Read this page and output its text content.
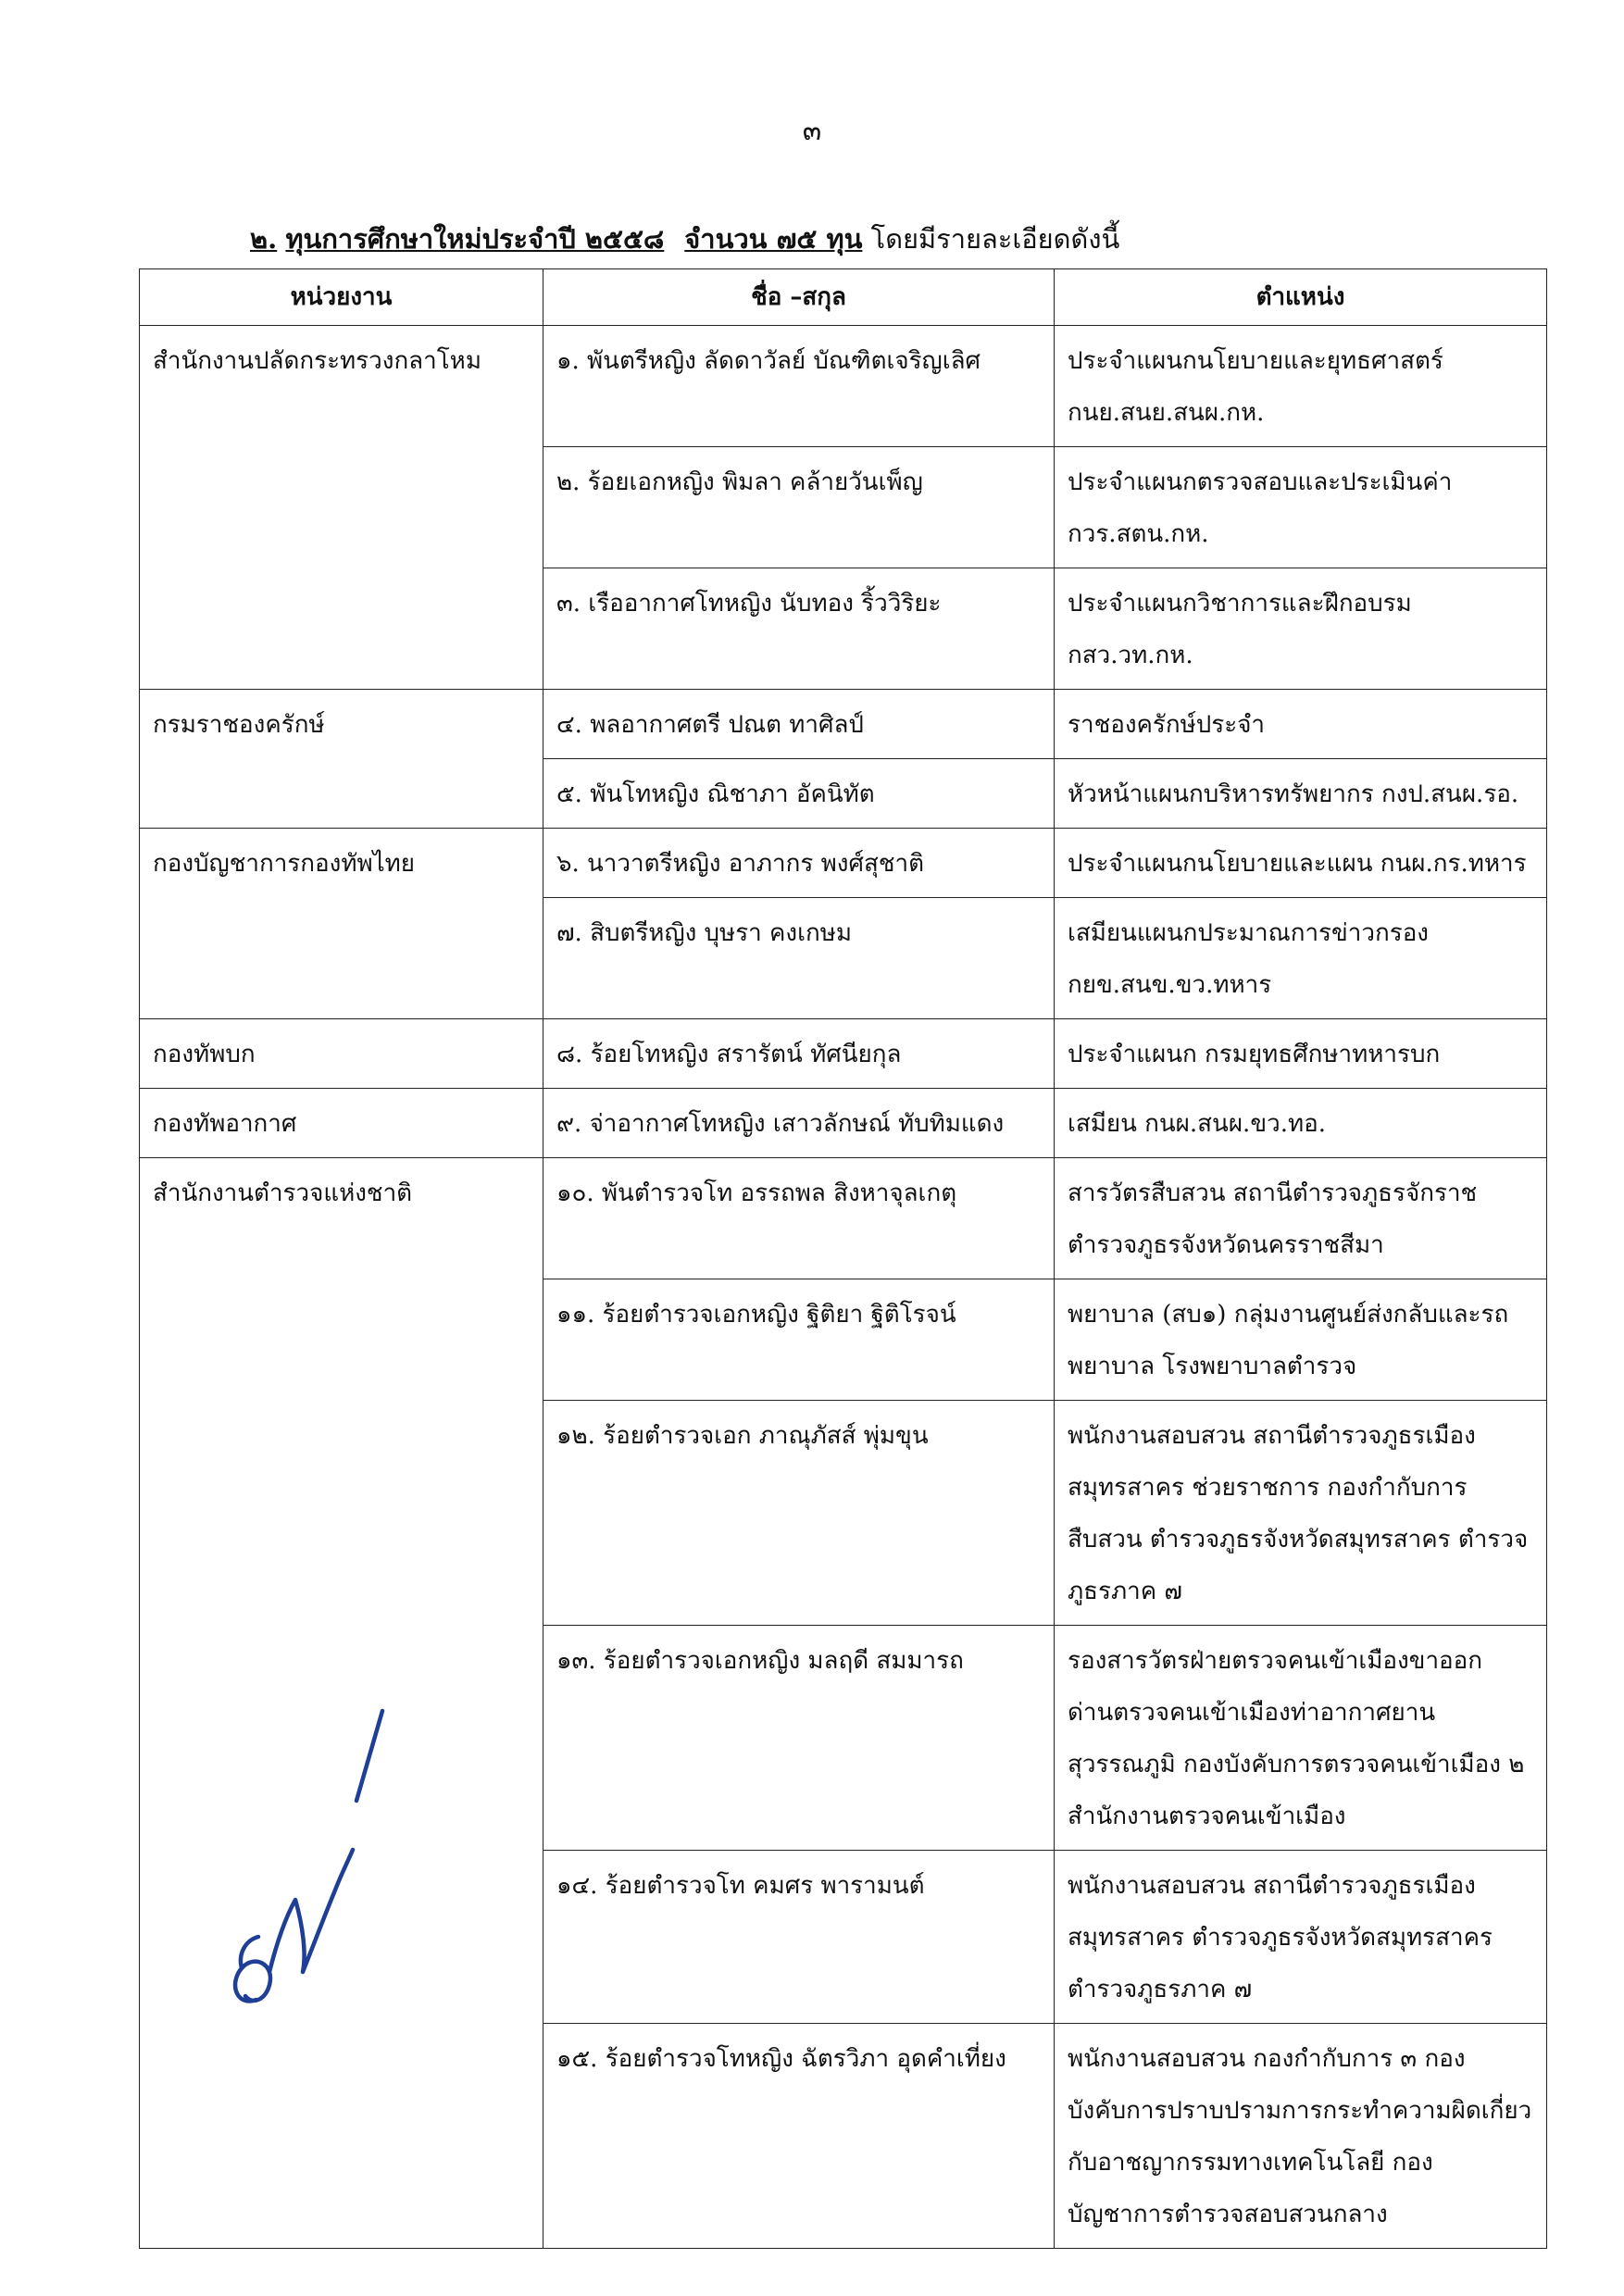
๓
๒. ทุนการศึกษาใหม่ประจำปี ๒๕๕๘ จำนวน ๗๕ ทุน โดยมีรายละเอียดดังนี้
หน่วยงาน	ชื่อ –สกุล	ตำแหน่ง
สำนักงานปลัดกระทรวงกลาโหม	๑. พันตรีหญิง ลัดดาวัลย์ บัณฑิตเจริญเลิศ	ประจำแผนกนโยบายและยุทธศาสตร์ กนย.สนย.สนผ.กห.
	๒. ร้อยเอกหญิง พิมลา คล้ายวันเพ็ญ	ประจำแผนกตรวจสอบและประเมินค่า กวร.สตน.กห.
	๓. เรืออากาศโทหญิง นับทอง ริ้ววิริยะ	ประจำแผนกวิชาการและฝึกอบรม กสว.วท.กห.
กรมราชองครักษ์	๔. พลอากาศตรี ปณต ทาศิลป์	ราชองครักษ์ประจำ
	๕. พันโทหญิง ณิชาภา อัคนิทัต	หัวหน้าแผนกบริหารทรัพยากร กงป.สนผ.รอ.
กองบัญชาการกองทัพไทย	๖. นาวาตรีหญิง อาภากร พงศ์สุชาติ	ประจำแผนกนโยบายและแผน กนผ.กร.ทหาร
	๗. สิบตรีหญิง บุษรา คงเกษม	เสมียนแผนกประมาณการข่าวกรอง กยข.สนข.ขว.ทหาร
กองทัพบก	๘. ร้อยโทหญิง สรารัตน์ ทัศนียกุล	ประจำแผนก กรมยุทธศึกษาทหารบก
กองทัพอากาศ	๙. จ่าอากาศโทหญิง เสาวลักษณ์ ทับทิมแดง	เสมียน กนผ.สนผ.ขว.ทอ.
สำนักงานตำรวจแห่งชาติ	๑๐. พันตำรวจโท อรรถพล สิงหาจุลเกตุ	สารวัตรสืบสวน สถานีตำรวจภูธรจักราช ตำรวจภูธรจังหวัดนครราชสีมา
	๑๑. ร้อยตำรวจเอกหญิง ฐิติยา ฐิติโรจน์	พยาบาล (สบ๑) กลุ่มงานศูนย์ส่งกลับและรถพยาบาล โรงพยาบาลตำรวจ
	๑๒. ร้อยตำรวจเอก ภาณุภัสส์ พุ่มขุน	พนักงานสอบสวน สถานีตำรวจภูธรเมืองสมุทรสาคร ช่วยราชการ กองกำกับการสืบสวน ตำรวจภูธรจังหวัดสมุทรสาคร ตำรวจภูธรภาค ๗
	๑๓. ร้อยตำรวจเอกหญิง มลฤดี สมมารถ	รองสารวัตรฝ่ายตรวจคนเข้าเมืองขาออก ด่านตรวจคนเข้าเมืองท่าอากาศยานสุวรรณภูมิ กองบังคับการตรวจคนเข้าเมือง ๒ สำนักงานตรวจคนเข้าเมือง
	๑๔. ร้อยตำรวจโท คมศร พารามนต์	พนักงานสอบสวน สถานีตำรวจภูธรเมืองสมุทรสาคร ตำรวจภูธรจังหวัดสมุทรสาคร ตำรวจภูธรภาค ๗
	๑๕. ร้อยตำรวจโทหญิง ฉัตรวิภา อุดคำเที่ยง	พนักงานสอบสวน กองกำกับการ ๓ กองบังคับการปราบปรามการกระทำความผิดเกี่ยวกับอาชญากรรมทางเทคโนโลยี กองบัญชาการตำรวจสอบสวนกลาง
